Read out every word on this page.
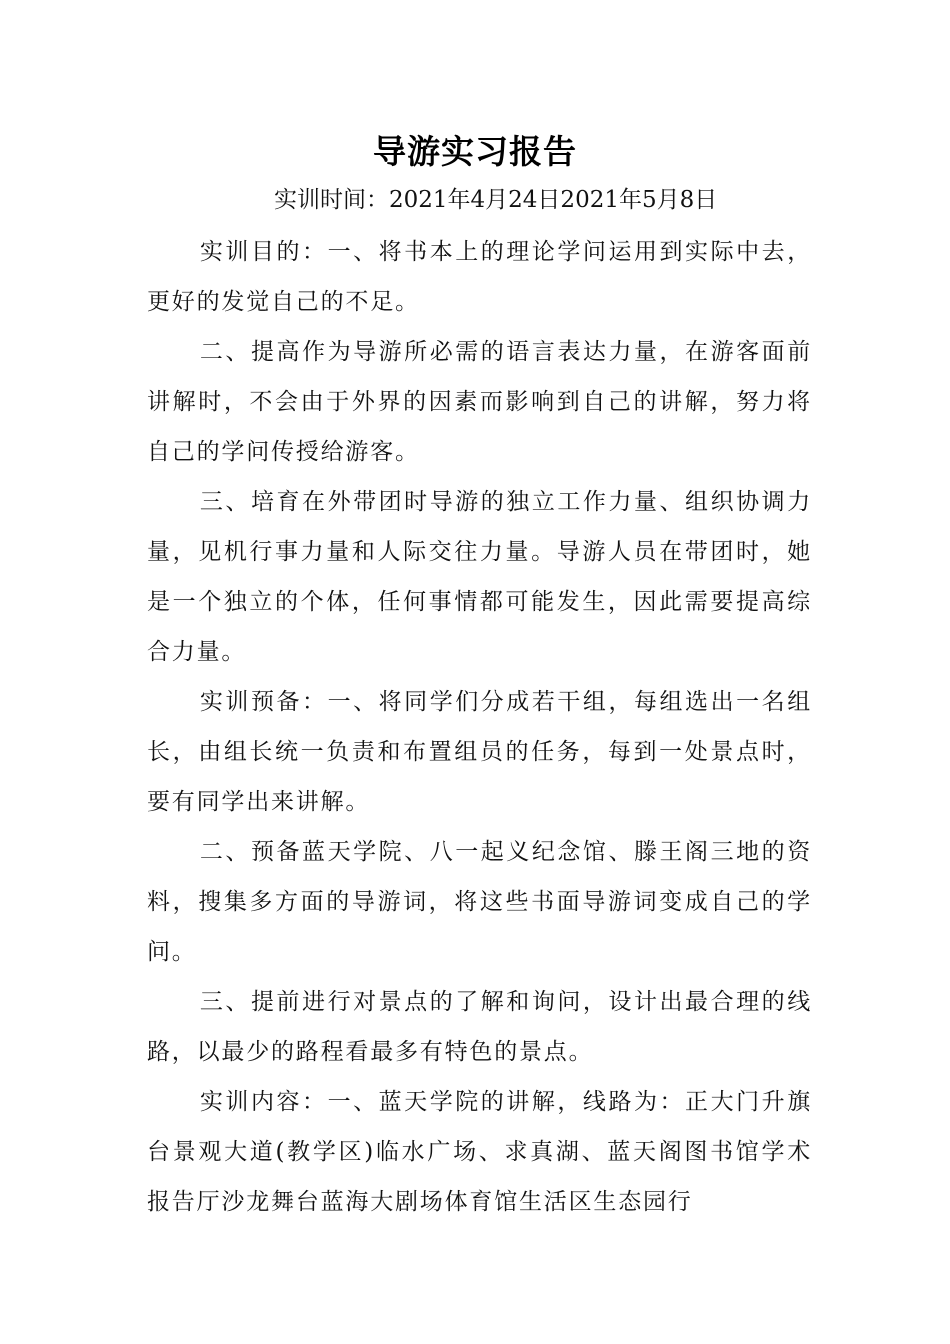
导游实习报告
实训时间：2021年4月24日2021年5月8日

实训目的：一、将书本上的理论学问运用到实际中去，更好的发觉自己的不足。

二、提高作为导游所必需的语言表达力量，在游客面前讲解时，不会由于外界的因素而影响到自己的讲解，努力将自己的学问传授给游客。

三、培育在外带团时导游的独立工作力量、组织协调力量，见机行事力量和人际交往力量。导游人员在带团时，她是一个独立的个体，任何事情都可能发生，因此需要提高综合力量。

实训预备：一、将同学们分成若干组，每组选出一名组长，由组长统一负责和布置组员的任务，每到一处景点时，要有同学出来讲解。

二、预备蓝天学院、八一起义纪念馆、滕王阁三地的资料，搜集多方面的导游词，将这些书面导游词变成自己的学问。

三、提前进行对景点的了解和询问，设计出最合理的线路，以最少的路程看最多有特色的景点。

实训内容：一、蓝天学院的讲解，线路为：正大门升旗台景观大道(教学区)临水广场、求真湖、蓝天阁图书馆学术报告厅沙龙舞台蓝海大剧场体育馆生活区生态园行
